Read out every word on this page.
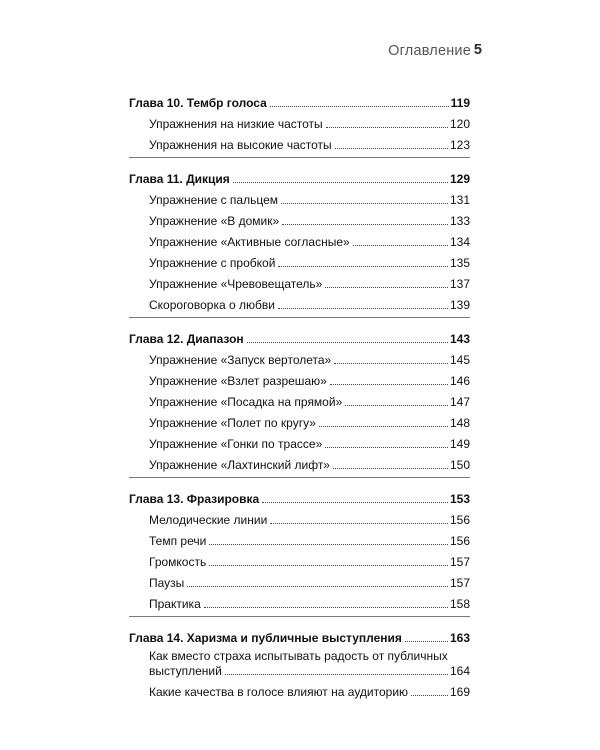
Оглавление 5
Глава 10. Тембр голоса	119
Упражнения на низкие частоты	120
Упражнения на высокие частоты	123
Глава 11. Дикция	129
Упражнение с пальцем	131
Упражнение «В домик»	133
Упражнение «Активные согласные»	134
Упражнение с пробкой	135
Упражнение «Чревовещатель»	137
Скороговорка о любви	139
Глава 12. Диапазон	143
Упражнение «Запуск вертолета»	145
Упражнение «Взлет разрешаю»	146
Упражнение «Посадка на прямой»	147
Упражнение «Полет по кругу»	148
Упражнение «Гонки по трассе»	149
Упражнение «Лахтинский лифт»	150
Глава 13. Фразировка	153
Мелодические линии	156
Темп речи	156
Громкость	157
Паузы	157
Практика	158
Глава 14. Харизма и публичные выступления	163
Как вместо страха испытывать радость от публичных
выступлений	164
Какие качества в голосе влияют на аудиторию	169
